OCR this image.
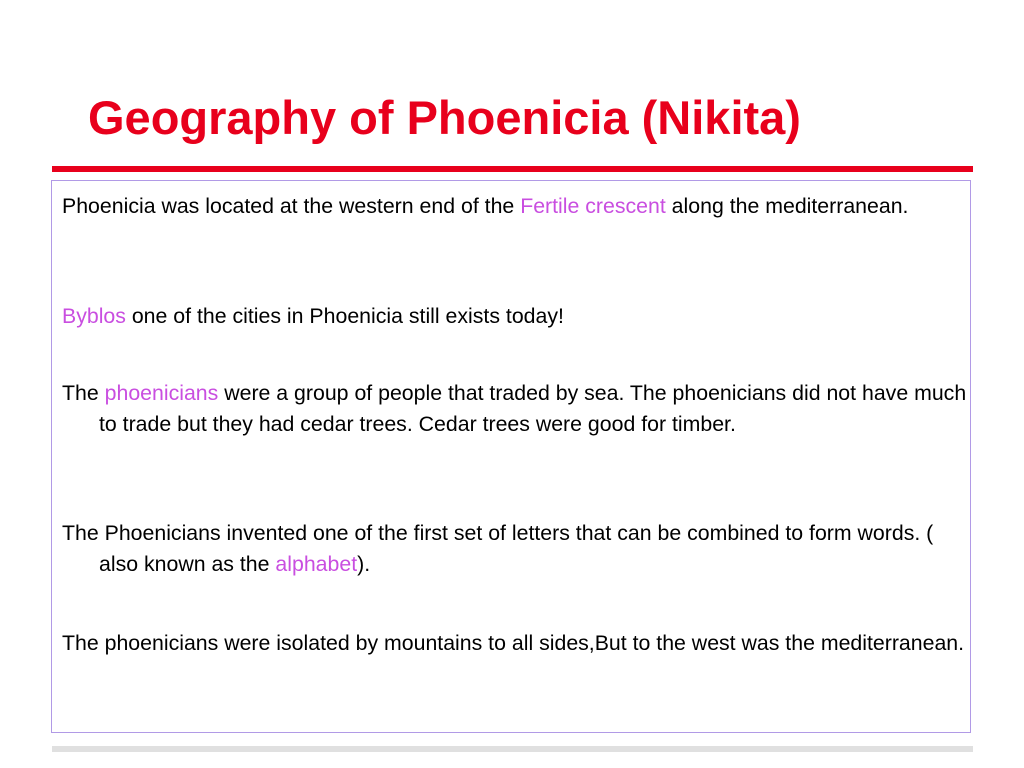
Geography of Phoenicia (Nikita)

Phoenicia was located at the western end of the Fertile crescent along the mediterranean.

Byblos one of the cities in Phoenicia still exists today!

The phoenicians were a group of people that traded by sea. The phoenicians did not have much to trade but they had cedar trees. Cedar trees were good for timber.

The Phoenicians invented one of the first set of letters that can be combined to form words. ( also known as the alphabet).

The phoenicians were isolated by mountains to all sides,But to the west was the mediterranean.
